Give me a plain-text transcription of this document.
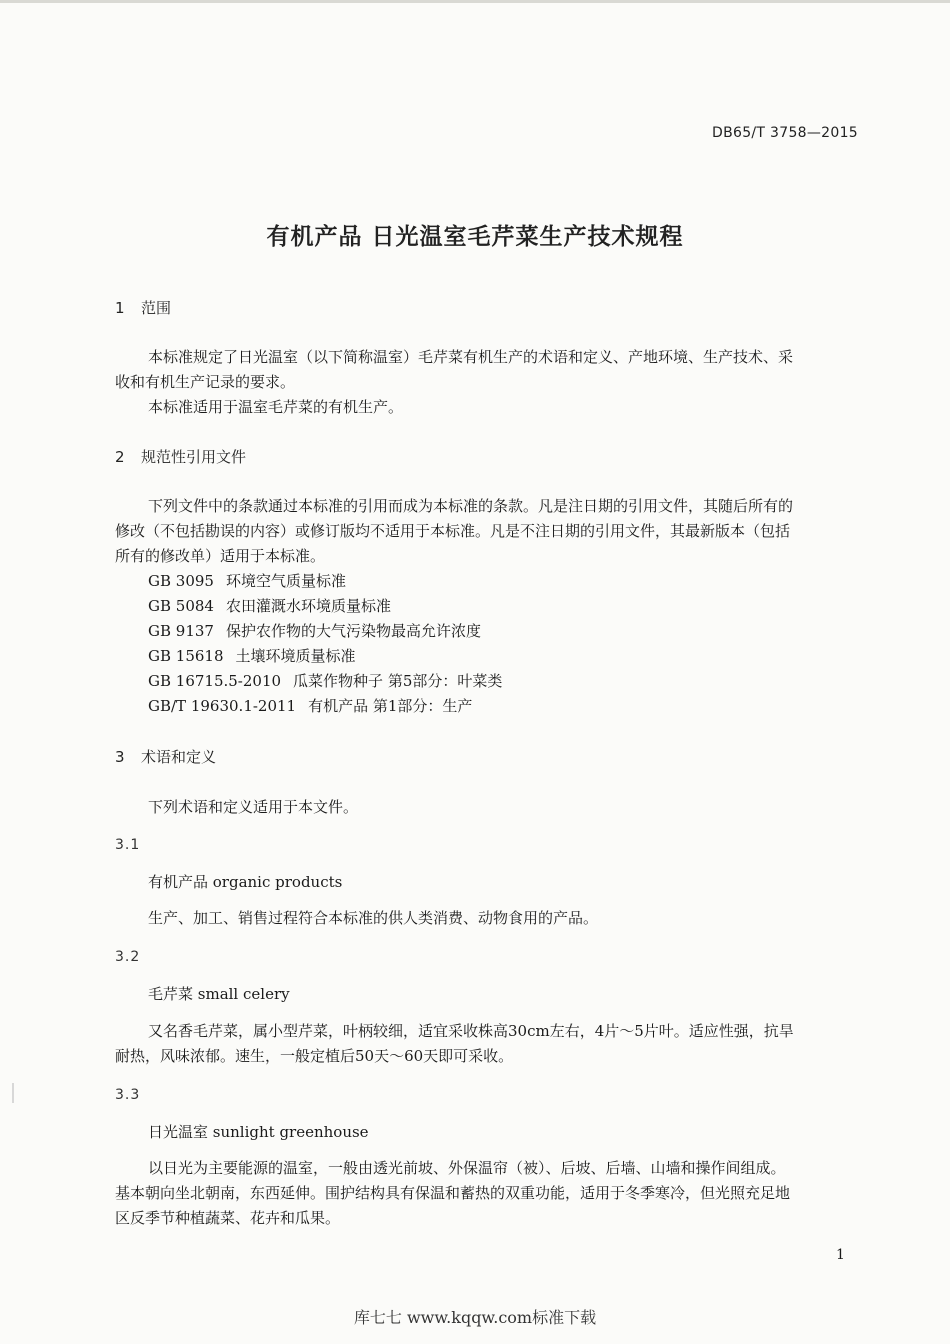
DB65/T 3758—2015
有机产品 日光温室毛芹菜生产技术规程
1 范围
本标准规定了日光温室（以下简称温室）毛芹菜有机生产的术语和定义、产地环境、生产技术、采
收和有机生产记录的要求。
本标准适用于温室毛芹菜的有机生产。
2 规范性引用文件
下列文件中的条款通过本标准的引用而成为本标准的条款。凡是注日期的引用文件，其随后所有的
修改（不包括勘误的内容）或修订版均不适用于本标准。凡是不注日期的引用文件，其最新版本（包括
所有的修改单）适用于本标准。
GB 3095 环境空气质量标准
GB 5084 农田灌溉水环境质量标准
GB 9137 保护农作物的大气污染物最高允许浓度
GB 15618 土壤环境质量标准
GB 16715.5-2010 瓜菜作物种子 第5部分：叶菜类
GB/T 19630.1-2011 有机产品 第1部分：生产
3 术语和定义
下列术语和定义适用于本文件。
3.1
有机产品 organic products
生产、加工、销售过程符合本标准的供人类消费、动物食用的产品。
3.2
毛芹菜 small celery
又名香毛芹菜，属小型芹菜，叶柄较细，适宜采收株高30cm左右，4片～5片叶。适应性强，抗旱
耐热，风味浓郁。速生，一般定植后50天～60天即可采收。
3.3
日光温室 sunlight greenhouse
以日光为主要能源的温室，一般由透光前坡、外保温帘（被）、后坡、后墙、山墙和操作间组成。
基本朝向坐北朝南，东西延伸。围护结构具有保温和蓄热的双重功能，适用于冬季寒冷，但光照充足地
区反季节种植蔬菜、花卉和瓜果。
1
库七七 www.kqqw.com标准下载
